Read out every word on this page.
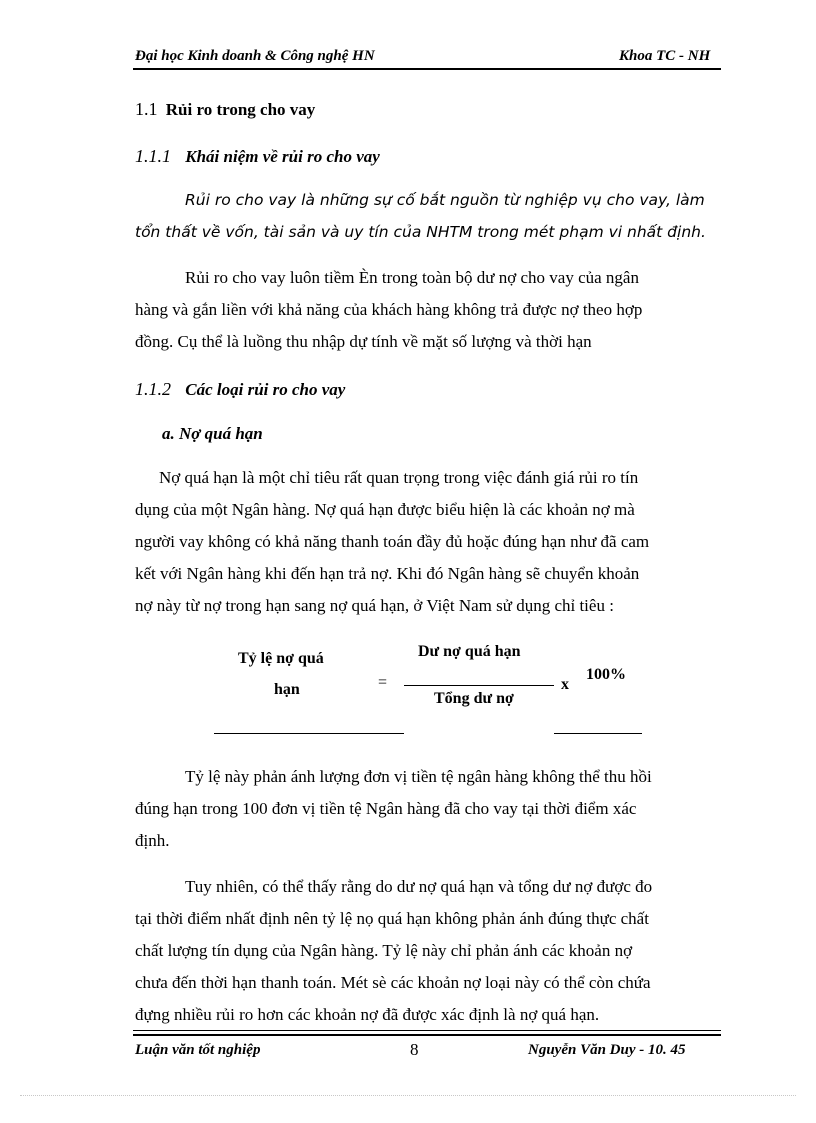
Đại học Kinh doanh & Công nghệ HN	Khoa TC - NH
1.1 Rủi ro trong cho vay
1.1.1 Khái niệm về rủi ro cho vay
Rủi ro cho vay là những sự cố bắt nguồn từ nghiệp vụ cho vay, làm
tổn thất về vốn, tài sản và uy tín của NHTM trong mét phạm vi nhất định.
Rủi ro cho vay luôn tiềm Èn trong toàn bộ dư nợ cho vay của ngân
hàng và gắn liền với khả năng của khách hàng không trả được nợ theo hợp
đồng. Cụ thể là luồng thu nhập dự tính về mặt số lượng và thời hạn
1.1.2 Các loại rủi ro cho vay
a. Nợ quá hạn
Nợ quá hạn là một chỉ tiêu rất quan trọng trong việc đánh giá rủi ro tín
dụng của một Ngân hàng. Nợ quá hạn được biểu hiện là các khoản nợ mà
người vay không có khả năng thanh toán đầy đủ hoặc đúng hạn như đã cam
kết với Ngân hàng khi đến hạn trả nợ. Khi đó Ngân hàng sẽ chuyển khoản
nợ này từ nợ trong hạn sang nợ quá hạn, ở Việt Nam sử dụng chỉ tiêu :
Tỷ lệ nợ quá
hạn	=
Dư nợ quá hạn
Tổng dư nợ
x
100%
Tỷ lệ này phản ánh lượng đơn vị tiền tệ ngân hàng không thể thu hồi
đúng hạn trong 100 đơn vị tiền tệ Ngân hàng đã cho vay tại thời điểm xác
định.
Tuy nhiên, có thể thấy rằng do dư nợ quá hạn và tổng dư nợ được đo
tại thời điểm nhất định nên tỷ lệ nọ quá hạn không phản ánh đúng thực chất
chất lượng tín dụng của Ngân hàng. Tỷ lệ này chỉ phản ánh các khoản nợ
chưa đến thời hạn thanh toán. Mét sè các khoản nợ loại này có thể còn chứa
đựng nhiều rủi ro hơn các khoản nợ đã được xác định là nợ quá hạn.
Luận văn tốt nghiệp	8	Nguyễn Văn Duy - 10. 45
